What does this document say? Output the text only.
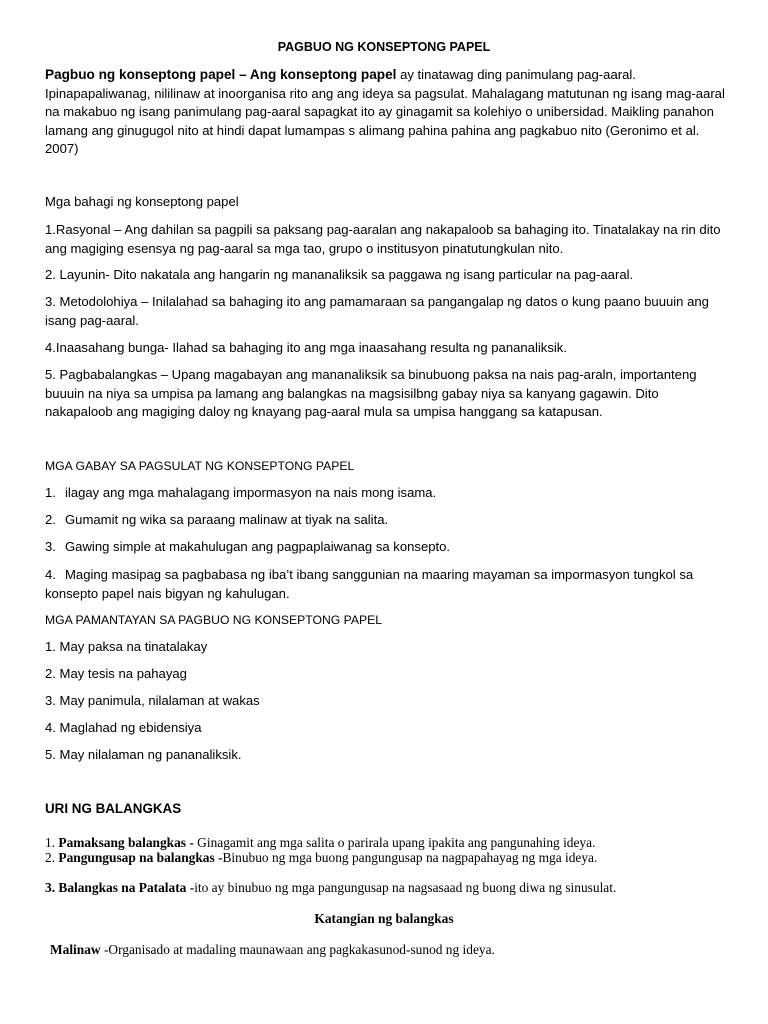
PAGBUO NG KONSEPTONG PAPEL

Pagbuo ng konseptong papel – Ang konseptong papel ay tinatawag ding panimulang pag-aaral. Ipinapapaliwanag, nililinaw at inoorganisa rito ang ang ideya sa pagsulat. Mahalagang matutunan ng isang mag-aaral na makabuo ng isang panimulang pag-aaral sapagkat ito ay ginagamit sa kolehiyo o unibersidad. Maikling panahon lamang ang ginugugol nito at hindi dapat lumampas s alimang pahina pahina ang pagkabuo nito (Geronimo et al. 2007)

Mga bahagi ng konseptong papel

1.Rasyonal – Ang dahilan sa pagpili sa paksang pag-aaralan ang nakapaloob sa bahaging ito. Tinatalakay na rin dito ang magiging esensya ng pag-aaral sa mga tao, grupo o institusyon pinatutungkulan nito.

2. Layunin- Dito nakatala ang hangarin ng mananaliksik sa paggawa ng isang particular na pag-aaral.

3. Metodolohiya – Inilalahad sa bahaging ito ang pamamaraan sa pangangalap ng datos o kung paano buuuin ang isang pag-aaral.

4.Inaasahang bunga- Ilahad sa bahaging ito ang mga inaasahang resulta ng pananaliksik.

5. Pagbabalangkas – Upang magabayan ang mananaliksik sa binubuong paksa na nais pag-araln, importanteng buuuin na niya sa umpisa pa lamang ang balangkas na magsisilbng gabay niya sa kanyang gagawin. Dito nakapaloob ang magiging daloy ng knayang pag-aaral mula sa umpisa hanggang sa katapusan.

MGA GABAY SA PAGSULAT NG KONSEPTONG PAPEL

1. ilagay ang mga mahalagang impormasyon na nais mong isama.

2. Gumamit ng wika sa paraang malinaw at tiyak na salita.

3. Gawing simple at makahulugan ang pagpaplaiwanag sa konsepto.

4. Maging masipag sa pagbabasa ng iba’t ibang sanggunian na maaring mayaman sa impormasyon tungkol sa konsepto papel nais bigyan ng kahulugan.

MGA PAMANTAYAN SA PAGBUO NG KONSEPTONG PAPEL

1. May paksa na tinatalakay

2. May tesis na pahayag

3. May panimula, nilalaman at wakas

4. Maglahad ng ebidensiya

5. May nilalaman ng pananaliksik.

URI NG BALANGKAS

1. Pamaksang balangkas - Ginagamit ang mga salita o parirala upang ipakita ang pangunahing ideya.

2. Pangungusap na balangkas -Binubuo ng mga buong pangungusap na nagpapahayag ng mga ideya.

3. Balangkas na Patalata -ito ay binubuo ng mga pangungusap na nagsasaad ng buong diwa ng sinusulat.

Katangian ng balangkas

Malinaw -Organisado at madaling maunawaan ang pagkakasunod-sunod ng ideya.
